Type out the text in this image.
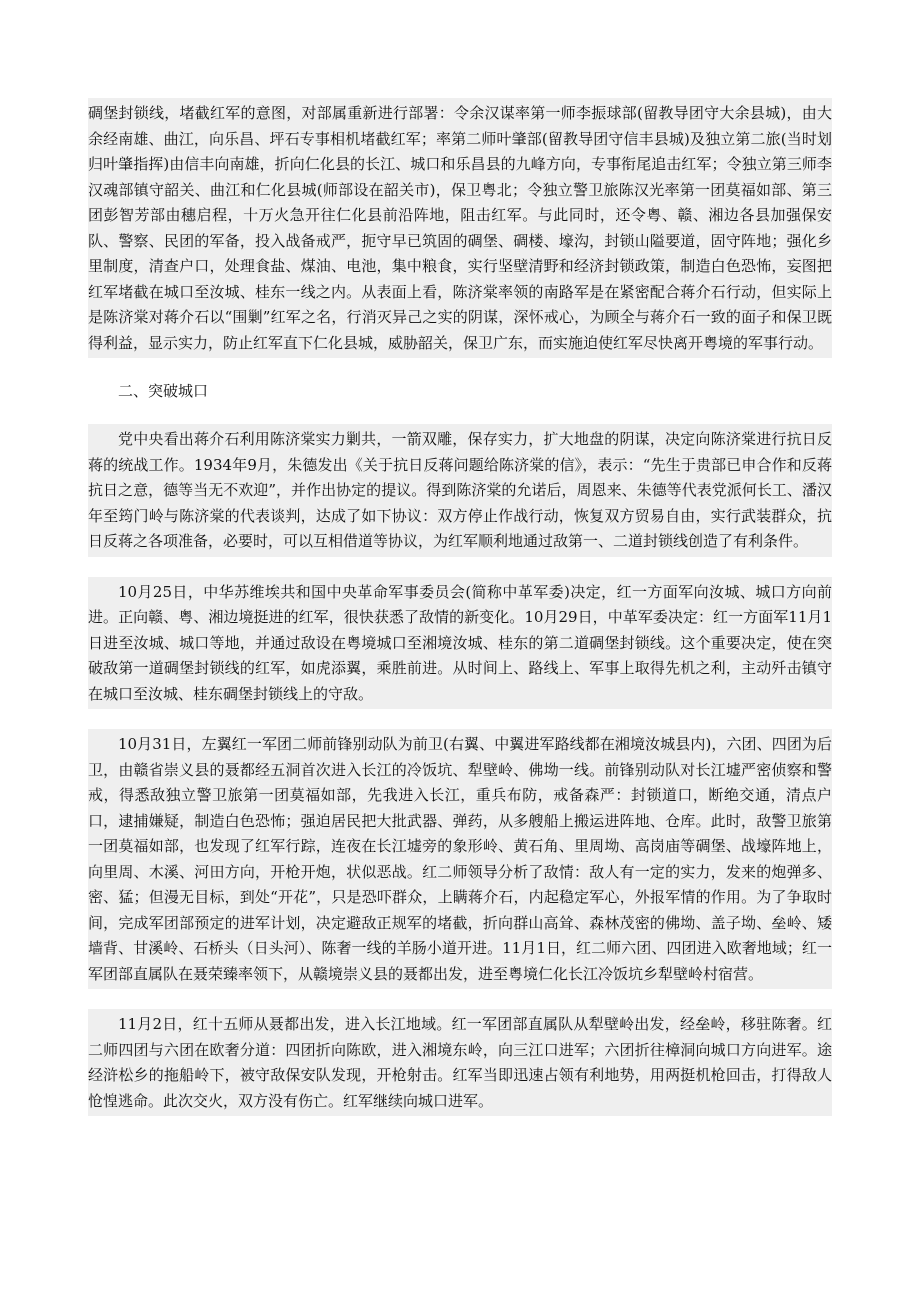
碉堡封锁线，堵截红军的意图，对部属重新进行部署：令余汉谋率第一师李振球部(留教导团守大余县城)，由大余经南雄、曲江，向乐昌、坪石专事相机堵截红军；率第二师叶肇部(留教导团守信丰县城)及独立第二旅(当时划归叶肇指挥)由信丰向南雄，折向仁化县的长江、城口和乐昌县的九峰方向，专事衔尾追击红军；令独立第三师李汉魂部镇守韶关、曲江和仁化县城(师部设在韶关市)，保卫粤北；令独立警卫旅陈汉光率第一团莫福如部、第三团彭智芳部由穗启程，十万火急开往仁化县前沿阵地，阻击红军。与此同时，还令粤、赣、湘边各县加强保安队、警察、民团的军备，投入战备戒严，扼守早已筑固的碉堡、碉楼、壕沟，封锁山隘要道，固守阵地；强化乡里制度，清查户口，处理食盐、煤油、电池，集中粮食，实行坚壁清野和经济封锁政策，制造白色恐怖，妄图把红军堵截在城口至汝城、桂东一线之内。从表面上看，陈济棠率领的南路军是在紧密配合蒋介石行动，但实际上是陈济棠对蒋介石以“围剿”红军之名，行消灭异己之实的阴谋，深怀戒心，为顾全与蒋介石一致的面子和保卫既得利益，显示实力，防止红军直下仁化县城，威胁韶关，保卫广东，而实施迫使红军尽快离开粤境的军事行动。

二、突破城口

党中央看出蒋介石利用陈济棠实力剿共，一箭双雕，保存实力，扩大地盘的阴谋，决定向陈济棠进行抗日反蒋的统战工作。1934年9月，朱德发出《关于抗日反蒋问题给陈济棠的信》，表示：“先生于贵部已申合作和反蒋抗日之意，德等当无不欢迎”，并作出协定的提议。得到陈济棠的允诺后，周恩来、朱德等代表党派何长工、潘汉年至筠门岭与陈济棠的代表谈判，达成了如下协议：双方停止作战行动，恢复双方贸易自由，实行武装群众，抗日反蒋之各项准备，必要时，可以互相借道等协议，为红军顺利地通过敌第一、二道封锁线创造了有利条件。

10月25日，中华苏维埃共和国中央革命军事委员会(简称中革军委)决定，红一方面军向汝城、城口方向前进。正向赣、粤、湘边境挺进的红军，很快获悉了敌情的新变化。10月29日，中革军委决定：红一方面军11月1日进至汝城、城口等地，并通过敌设在粤境城口至湘境汝城、桂东的第二道碉堡封锁线。这个重要决定，使在突破敌第一道碉堡封锁线的红军，如虎添翼，乘胜前进。从时间上、路线上、军事上取得先机之利，主动歼击镇守在城口至汝城、桂东碉堡封锁线上的守敌。

10月31日，左翼红一军团二师前锋别动队为前卫(右翼、中翼进军路线都在湘境汝城县内)，六团、四团为后卫，由赣省崇义县的聂都经五洞首次进入长江的冷饭坑、犁壁岭、佛坳一线。前锋别动队对长江墟严密侦察和警戒，得悉敌独立警卫旅第一团莫福如部，先我进入长江，重兵布防，戒备森严：封锁道口，断绝交通，清点户口，逮捕嫌疑，制造白色恐怖；强迫居民把大批武器、弹药，从多艘船上搬运进阵地、仓库。此时，敌警卫旅第一团莫福如部，也发现了红军行踪，连夜在长江墟旁的象形岭、黄石角、里周坳、高岗庙等碉堡、战壕阵地上，向里周、木溪、河田方向，开枪开炮，状似恶战。红二师领导分析了敌情：敌人有一定的实力，发来的炮弹多、密、猛；但漫无目标，到处“开花”，只是恐吓群众，上瞒蒋介石，内起稳定军心，外报军情的作用。为了争取时间，完成军团部预定的进军计划，决定避敌正规军的堵截，折向群山高耸、森林茂密的佛坳、盖子坳、垒岭、矮墙背、甘溪岭、石桥头（日头河）、陈奢一线的羊肠小道开进。11月1日，红二师六团、四团进入欧奢地域；红一军团部直属队在聂荣臻率领下，从赣境崇义县的聂都出发，进至粤境仁化长江冷饭坑乡犁壁岭村宿营。

11月2日，红十五师从聂都出发，进入长江地域。红一军团部直属队从犁壁岭出发，经垒岭，移驻陈奢。红二师四团与六团在欧奢分道：四团折向陈欧，进入湘境东岭，向三江口进军；六团折往樟洞向城口方向进军。途经浒松乡的拖船岭下，被守敌保安队发现，开枪射击。红军当即迅速占领有利地势，用两挺机枪回击，打得敌人怆惶逃命。此次交火，双方没有伤亡。红军继续向城口进军。
